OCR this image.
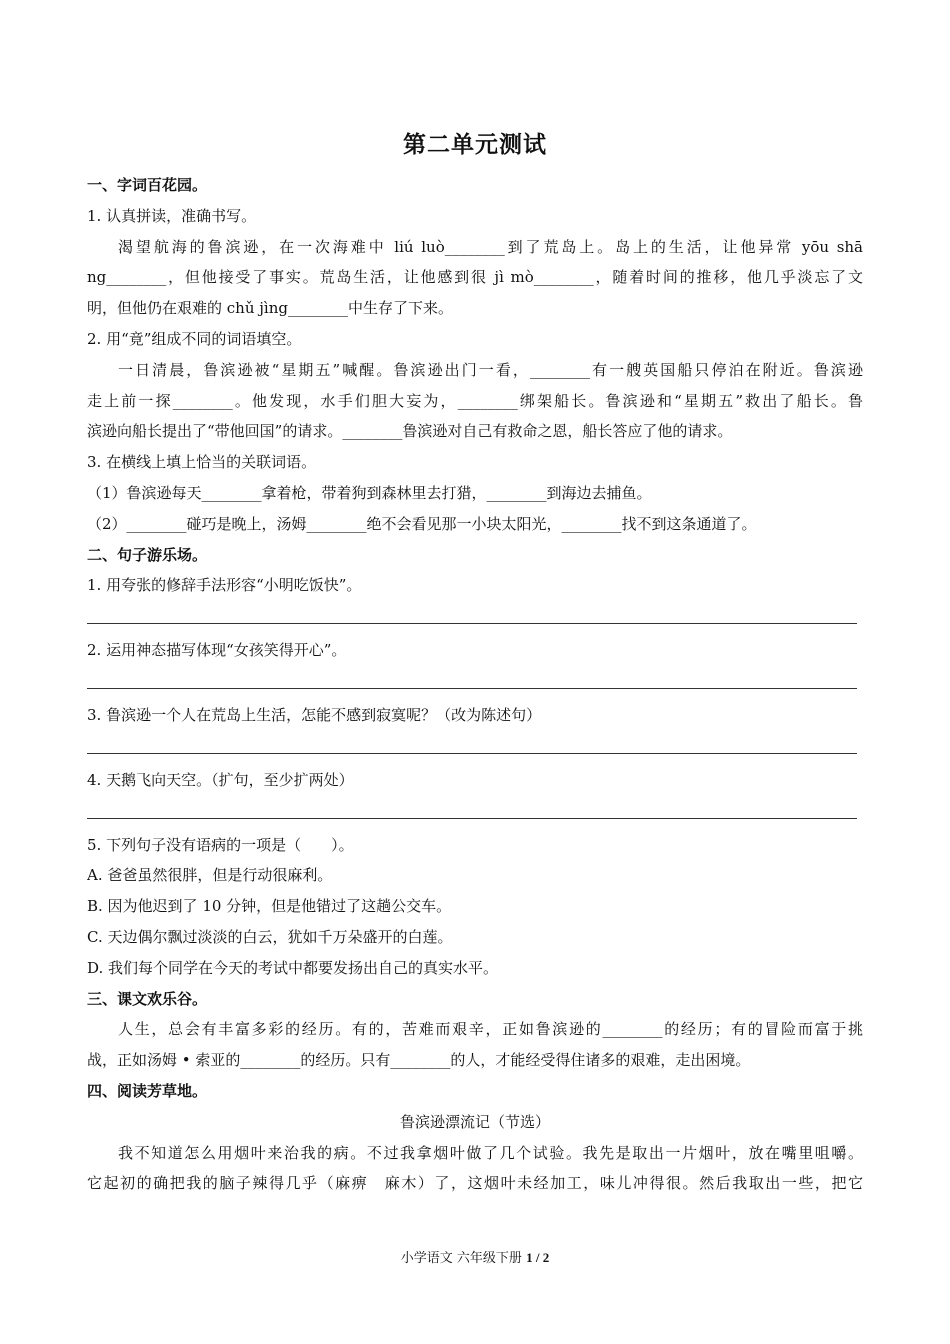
第二单元测试
一、字词百花园。
1. 认真拼读，准确书写。
渴望航海的鲁滨逊，在一次海难中 liú luò________到了荒岛上。岛上的生活，让他异常 yōu shā
ng________，但他接受了事实。荒岛生活，让他感到很 jì mò________，随着时间的推移，他几乎淡忘了文
明，但他仍在艰难的 chǔ jìng________中生存了下来。
2. 用“竟”组成不同的词语填空。
一日清晨，鲁滨逊被“星期五”喊醒。鲁滨逊出门一看，________有一艘英国船只停泊在附近。鲁滨逊
走上前一探________。他发现，水手们胆大妄为，________绑架船长。鲁滨逊和“星期五”救出了船长。鲁
滨逊向船长提出了“带他回国”的请求。________鲁滨逊对自己有救命之恩，船长答应了他的请求。
3. 在横线上填上恰当的关联词语。
（1）鲁滨逊每天________拿着枪，带着狗到森林里去打猎，________到海边去捕鱼。
（2）________碰巧是晚上，汤姆________绝不会看见那一小块太阳光，________找不到这条通道了。
二、句子游乐场。
1. 用夸张的修辞手法形容“小明吃饭快”。
2. 运用神态描写体现“女孩笑得开心”。
3. 鲁滨逊一个人在荒岛上生活，怎能不感到寂寞呢？（改为陈述句）
4. 天鹅飞向天空。（扩句，至少扩两处）
5. 下列句子没有语病的一项是（　　）。
A. 爸爸虽然很胖，但是行动很麻利。
B. 因为他迟到了 10 分钟，但是他错过了这趟公交车。
C. 天边偶尔飘过淡淡的白云，犹如千万朵盛开的白莲。
D. 我们每个同学在今天的考试中都要发扬出自己的真实水平。
三、课文欢乐谷。
人生，总会有丰富多彩的经历。有的，苦难而艰辛，正如鲁滨逊的________的经历；有的冒险而富于挑
战，正如汤姆 • 索亚的________的经历。只有________的人，才能经受得住诸多的艰难，走出困境。
四、阅读芳草地。
鲁滨逊漂流记（节选）
我不知道怎么用烟叶来治我的病。不过我拿烟叶做了几个试验。我先是取出一片烟叶，放在嘴里咀嚼。
它起初的确把我的脑子辣得几乎（麻痹　麻木）了，这烟叶未经加工，味儿冲得很。然后我取出一些，把它
小学语文 六年级下册 1 / 2
